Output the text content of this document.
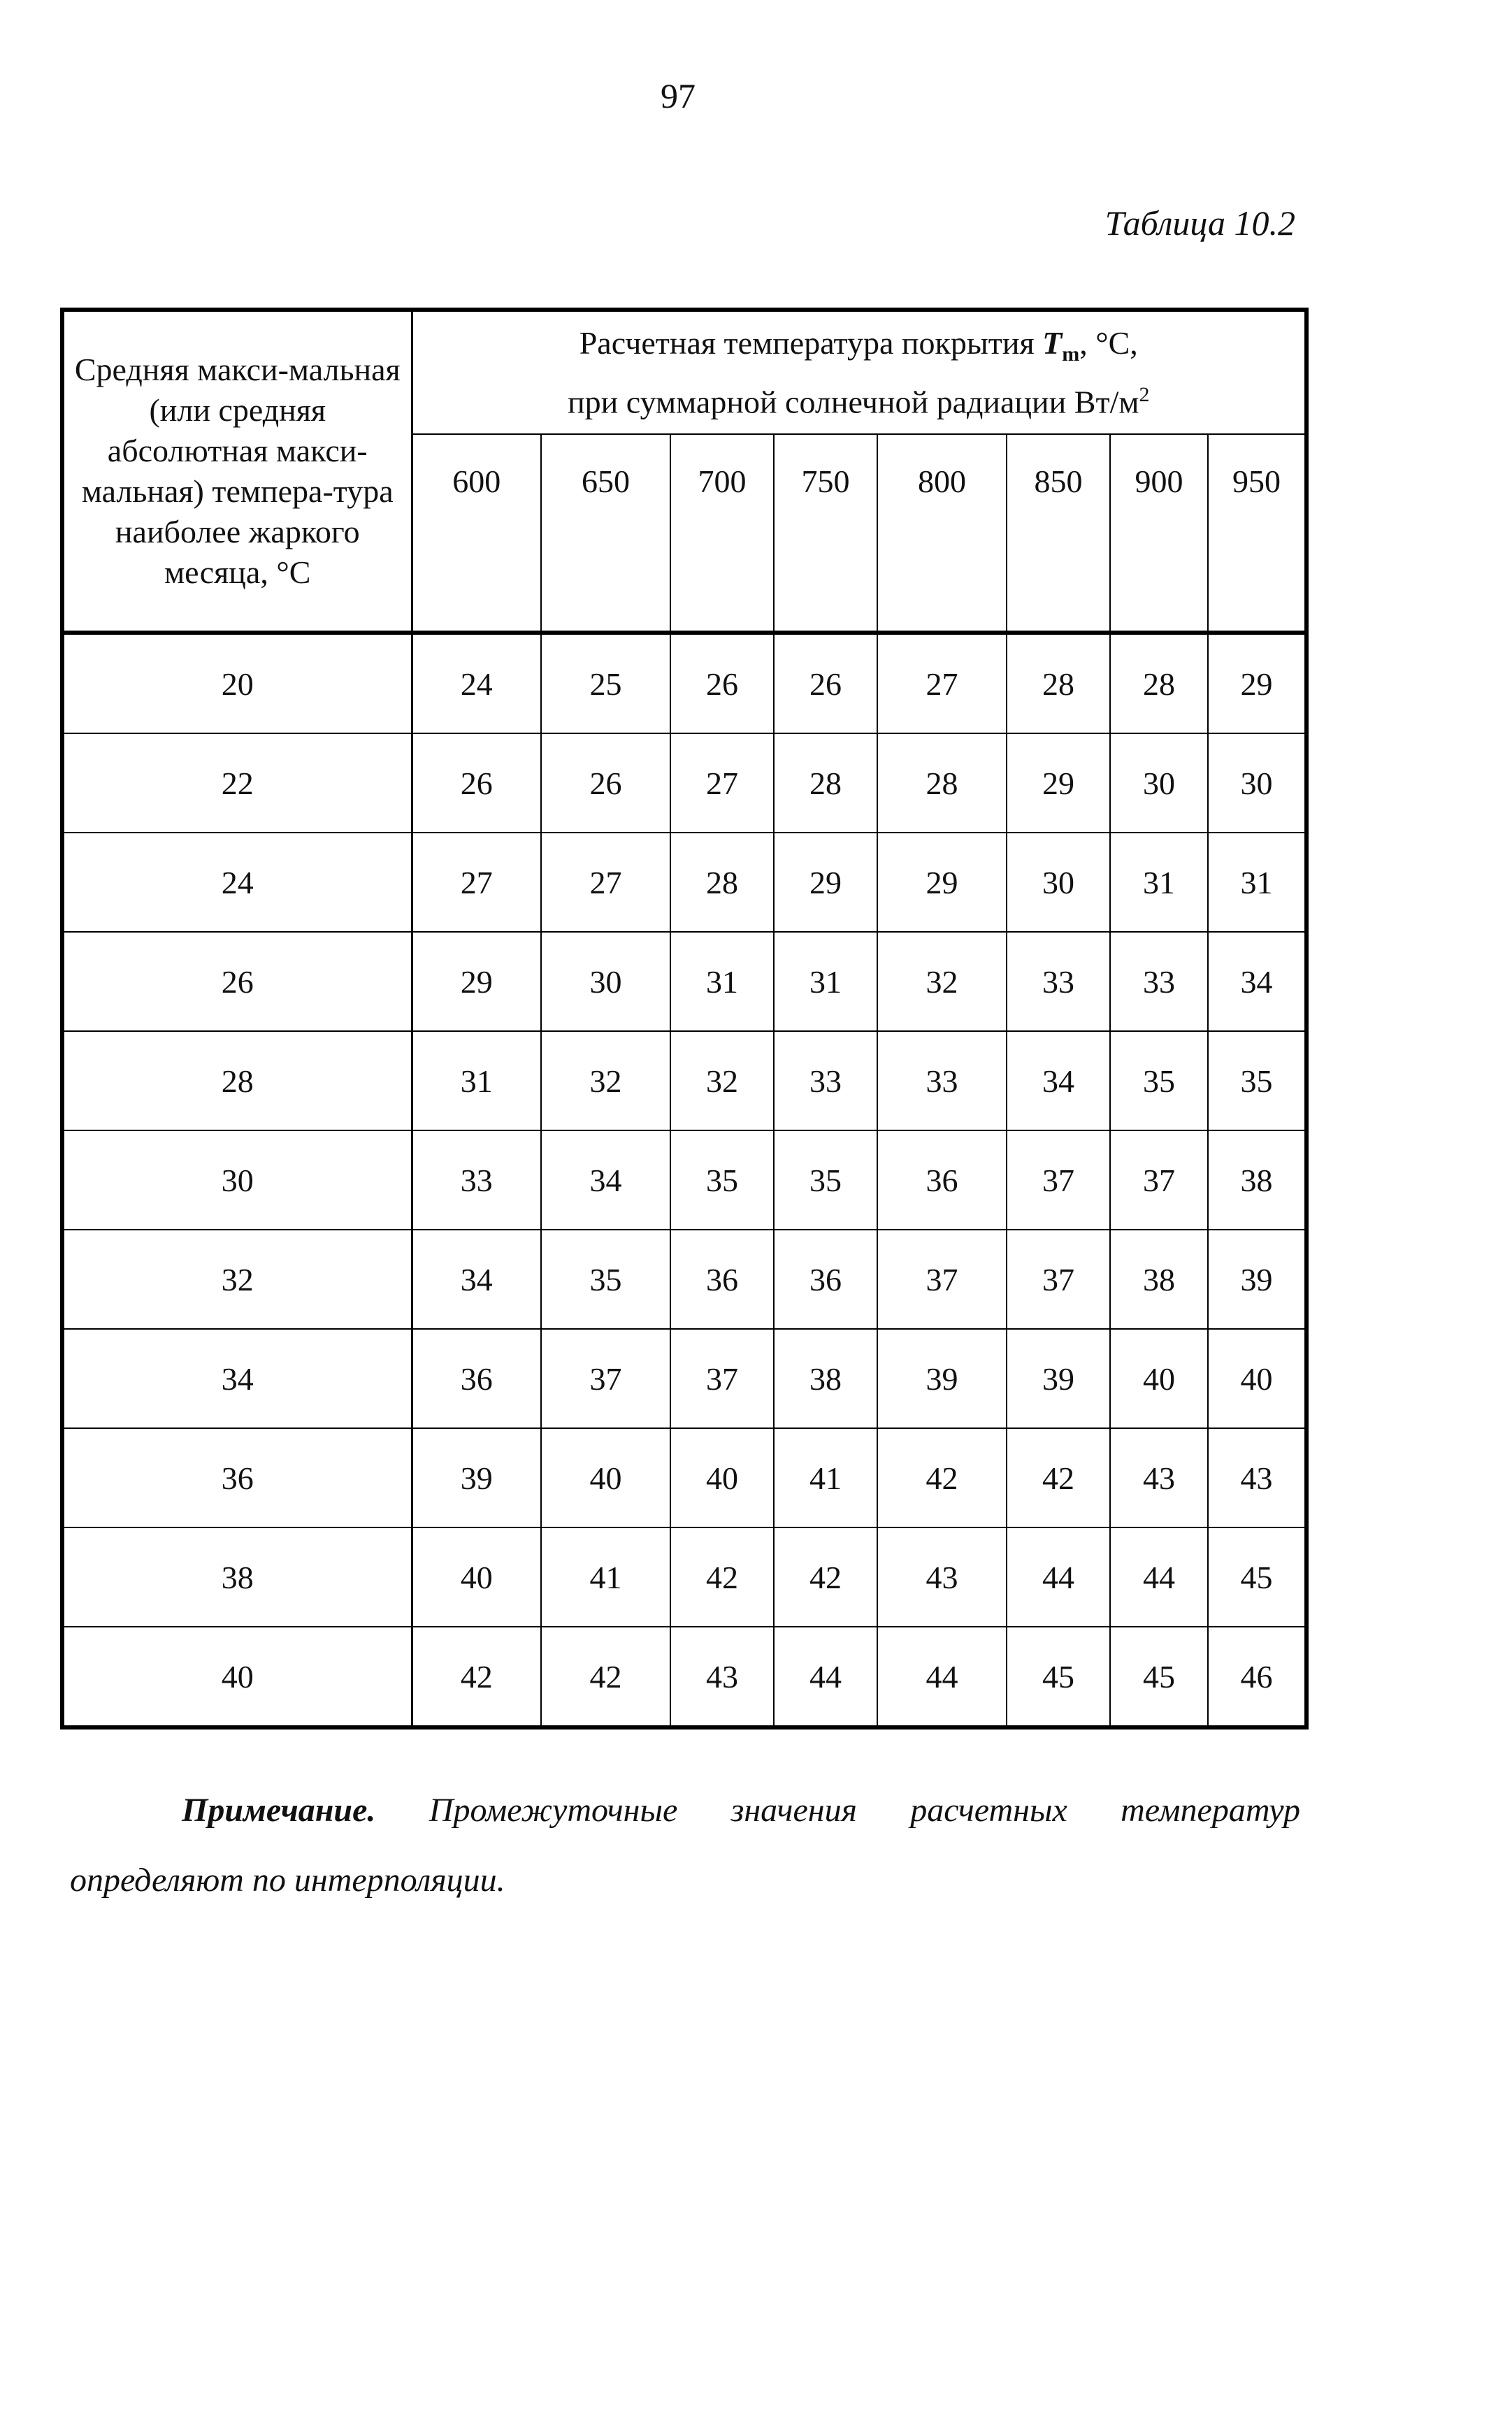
97
Таблица 10.2
Средняя макси-мальная (или средняя абсолютная макси-мальная) темпера-тура наиболее жаркого месяца, °С	Расчетная температура покрытия $T_m$, °С,
при суммарной солнечной радиации $Вт/м^2$

	600	650	700	750	800	850	900	950
20	24	25	26	26	27	28	28	29
22	26	26	27	28	28	29	30	30
24	27	27	28	29	29	30	31	31
26	29	30	31	31	32	33	33	34
28	31	32	32	33	33	34	35	35
30	33	34	35	35	36	37	37	38
32	34	35	36	36	37	37	38	39
34	36	37	37	38	39	39	40	40
36	39	40	40	41	42	42	43	43
38	40	41	42	42	43	44	44	45
40	42	42	43	44	44	45	45	46
Примечание. Промежуточные значения расчетных температур
определяют по интерполяции.
